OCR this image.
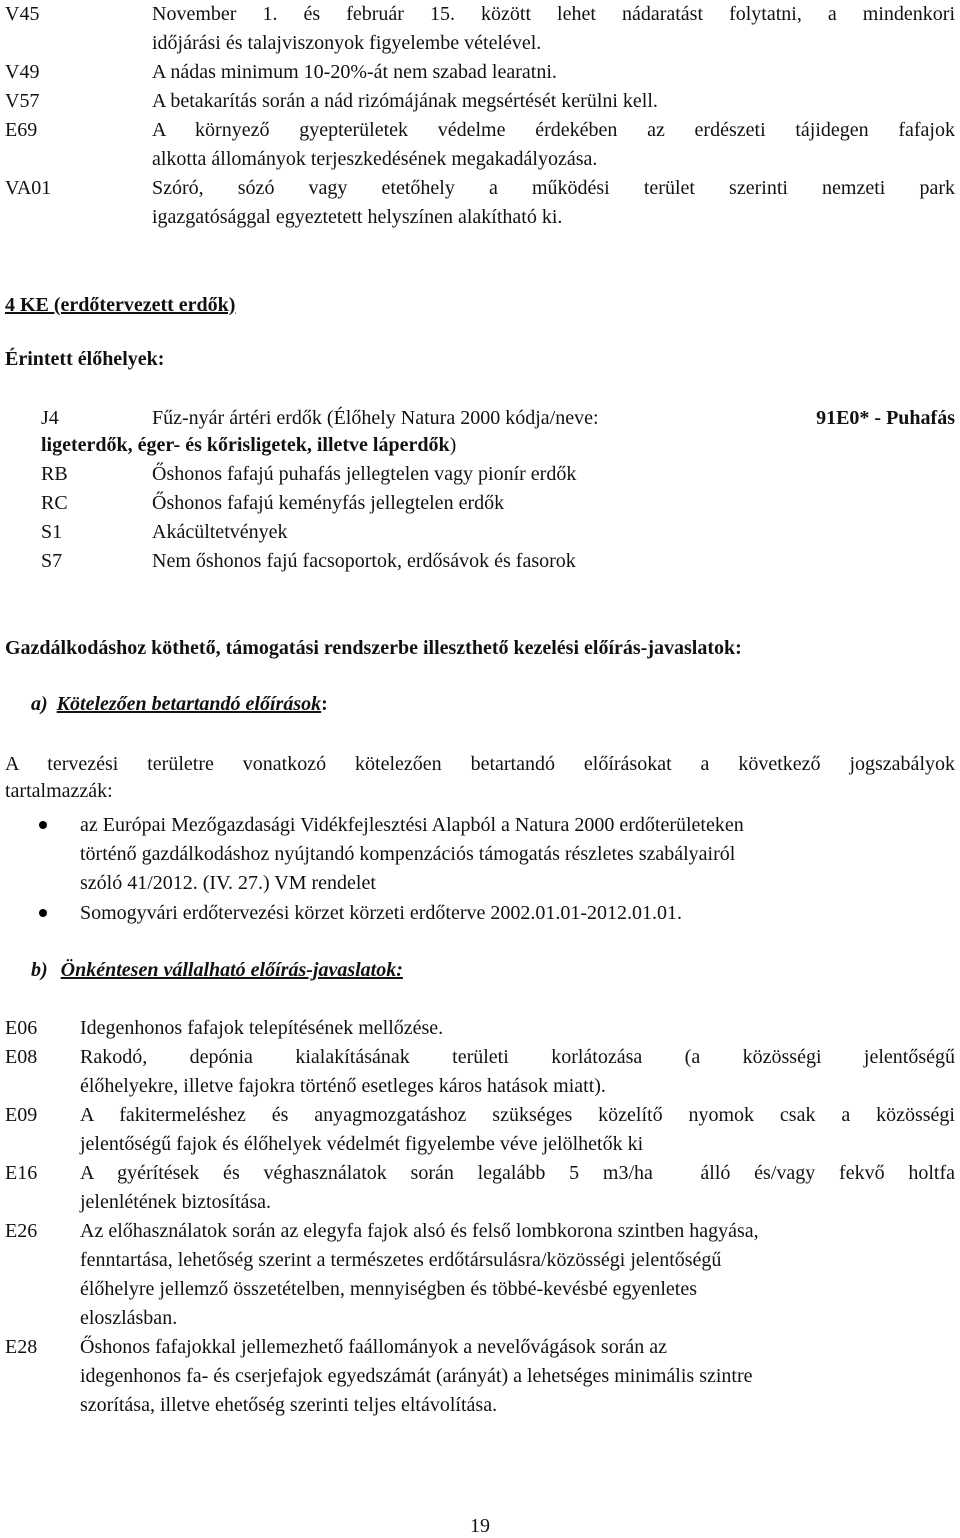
V45	November 1. és február 15. között lehet nádaratást folytatni, a mindenkori
időjárási és talajviszonyok figyelembe vételével.
V49	A nádas minimum 10-20%-át nem szabad learatni.
V57	A betakarítás során a nád rizómájának megsértését kerülni kell.
E69	A környező gyepterületek védelme érdekében az erdészeti tájidegen fafajok
alkotta állományok terjeszkedésének megakadályozása.
VA01	Szóró, sózó vagy etetőhely a működési terület szerinti nemzeti park
igazgatósággal egyeztetett helyszínen alakítható ki.
4 KE (erdőtervezett erdők)
Érintett élőhelyek:
J4	Fűz-nyár ártéri erdők (Élőhely Natura 2000 kódja/neve:	91E0* - Puhafás
ligeterdők, éger- és kőrisligetek, illetve láperdők)
RB	Őshonos fafajú puhafás jellegtelen vagy pionír erdők
RC	Őshonos fafajú keményfás jellegtelen erdők
S1	Akácültetvények
S7	Nem őshonos fajú facsoportok, erdősávok és fasorok
Gazdálkodáshoz köthető, támogatási rendszerbe illeszthető kezelési előírás-javaslatok:
a) Kötelezően betartandó előírások:
A tervezési területre vonatkozó kötelezően betartandó előírásokat a következő jogszabályok
tartalmazzák:
az Európai Mezőgazdasági Vidékfejlesztési Alapból a Natura 2000 erdőterületeken
történő gazdálkodáshoz nyújtandó kompenzációs támogatás részletes szabályairól
szóló 41/2012. (IV. 27.) VM rendelet
Somogyvári erdőtervezési körzet körzeti erdőterve 2002.01.01-2012.01.01.
b) Önkéntesen vállalható előírás-javaslatok:
E06 Idegenhonos fafajok telepítésének mellőzése.
E08 Rakodó, depónia kialakításának területi korlátozása (a közösségi jelentőségű
élőhelyekre, illetve fajokra történő esetleges káros hatások miatt).
E09 A fakitermeléshez és anyagmozgatáshoz szükséges közelítő nyomok csak a közösségi
jelentőségű fajok és élőhelyek védelmét figyelembe véve jelölhetők ki
E16 A gyérítések és véghasználatok során legalább 5 m3/ha  álló és/vagy fekvő holtfa
jelenlétének biztosítása.
E26 Az előhasználatok során az elegyfa fajok alsó és felső lombkorona szintben hagyása,
fenntartása, lehetőség szerint a természetes erdőtársulásra/közösségi jelentőségű
élőhelyre jellemző összetételben, mennyiségben és többé-kevésbé egyenletes
eloszlásban.
E28 Őshonos fafajokkal jellemezhető faállományok a nevelővágások során az
idegenhonos fa- és cserjefajok egyedszámát (arányát) a lehetséges minimális szintre
szorítása, illetve ehetőség szerinti teljes eltávolítása.
19
